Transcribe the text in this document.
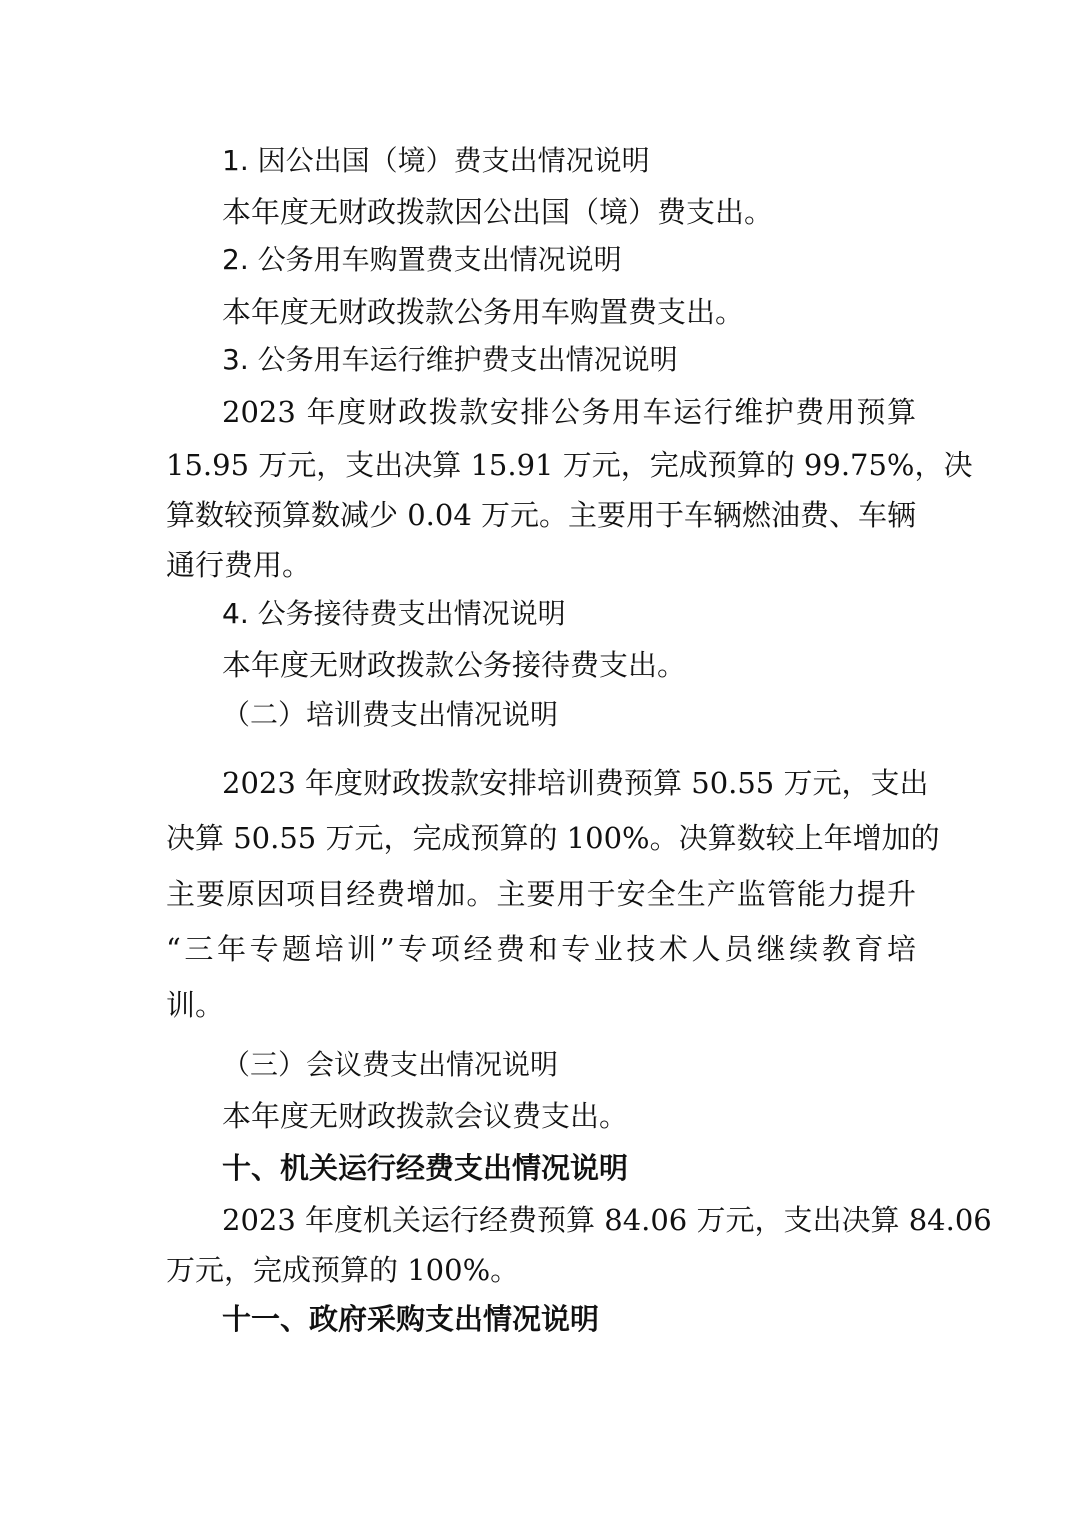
1. 因公出国（境）费支出情况说明

本年度无财政拨款因公出国（境）费支出。

2. 公务用车购置费支出情况说明

本年度无财政拨款公务用车购置费支出。

3. 公务用车运行维护费支出情况说明

2023 年度财政拨款安排公务用车运行维护费用预算

15.95 万元，支出决算 15.91 万元，完成预算的 99.75%，决

算数较预算数减少 0.04 万元。主要用于车辆燃油费、车辆

通行费用。

4. 公务接待费支出情况说明

本年度无财政拨款公务接待费支出。

（二）培训费支出情况说明

2023 年度财政拨款安排培训费预算 50.55 万元，支出

决算 50.55 万元，完成预算的 100%。决算数较上年增加的

主要原因项目经费增加。主要用于安全生产监管能力提升

“三年专题培训”专项经费和专业技术人员继续教育培

训。

（三）会议费支出情况说明

本年度无财政拨款会议费支出。

十、机关运行经费支出情况说明

2023 年度机关运行经费预算 84.06 万元，支出决算 84.06

万元，完成预算的 100%。

十一、政府采购支出情况说明
